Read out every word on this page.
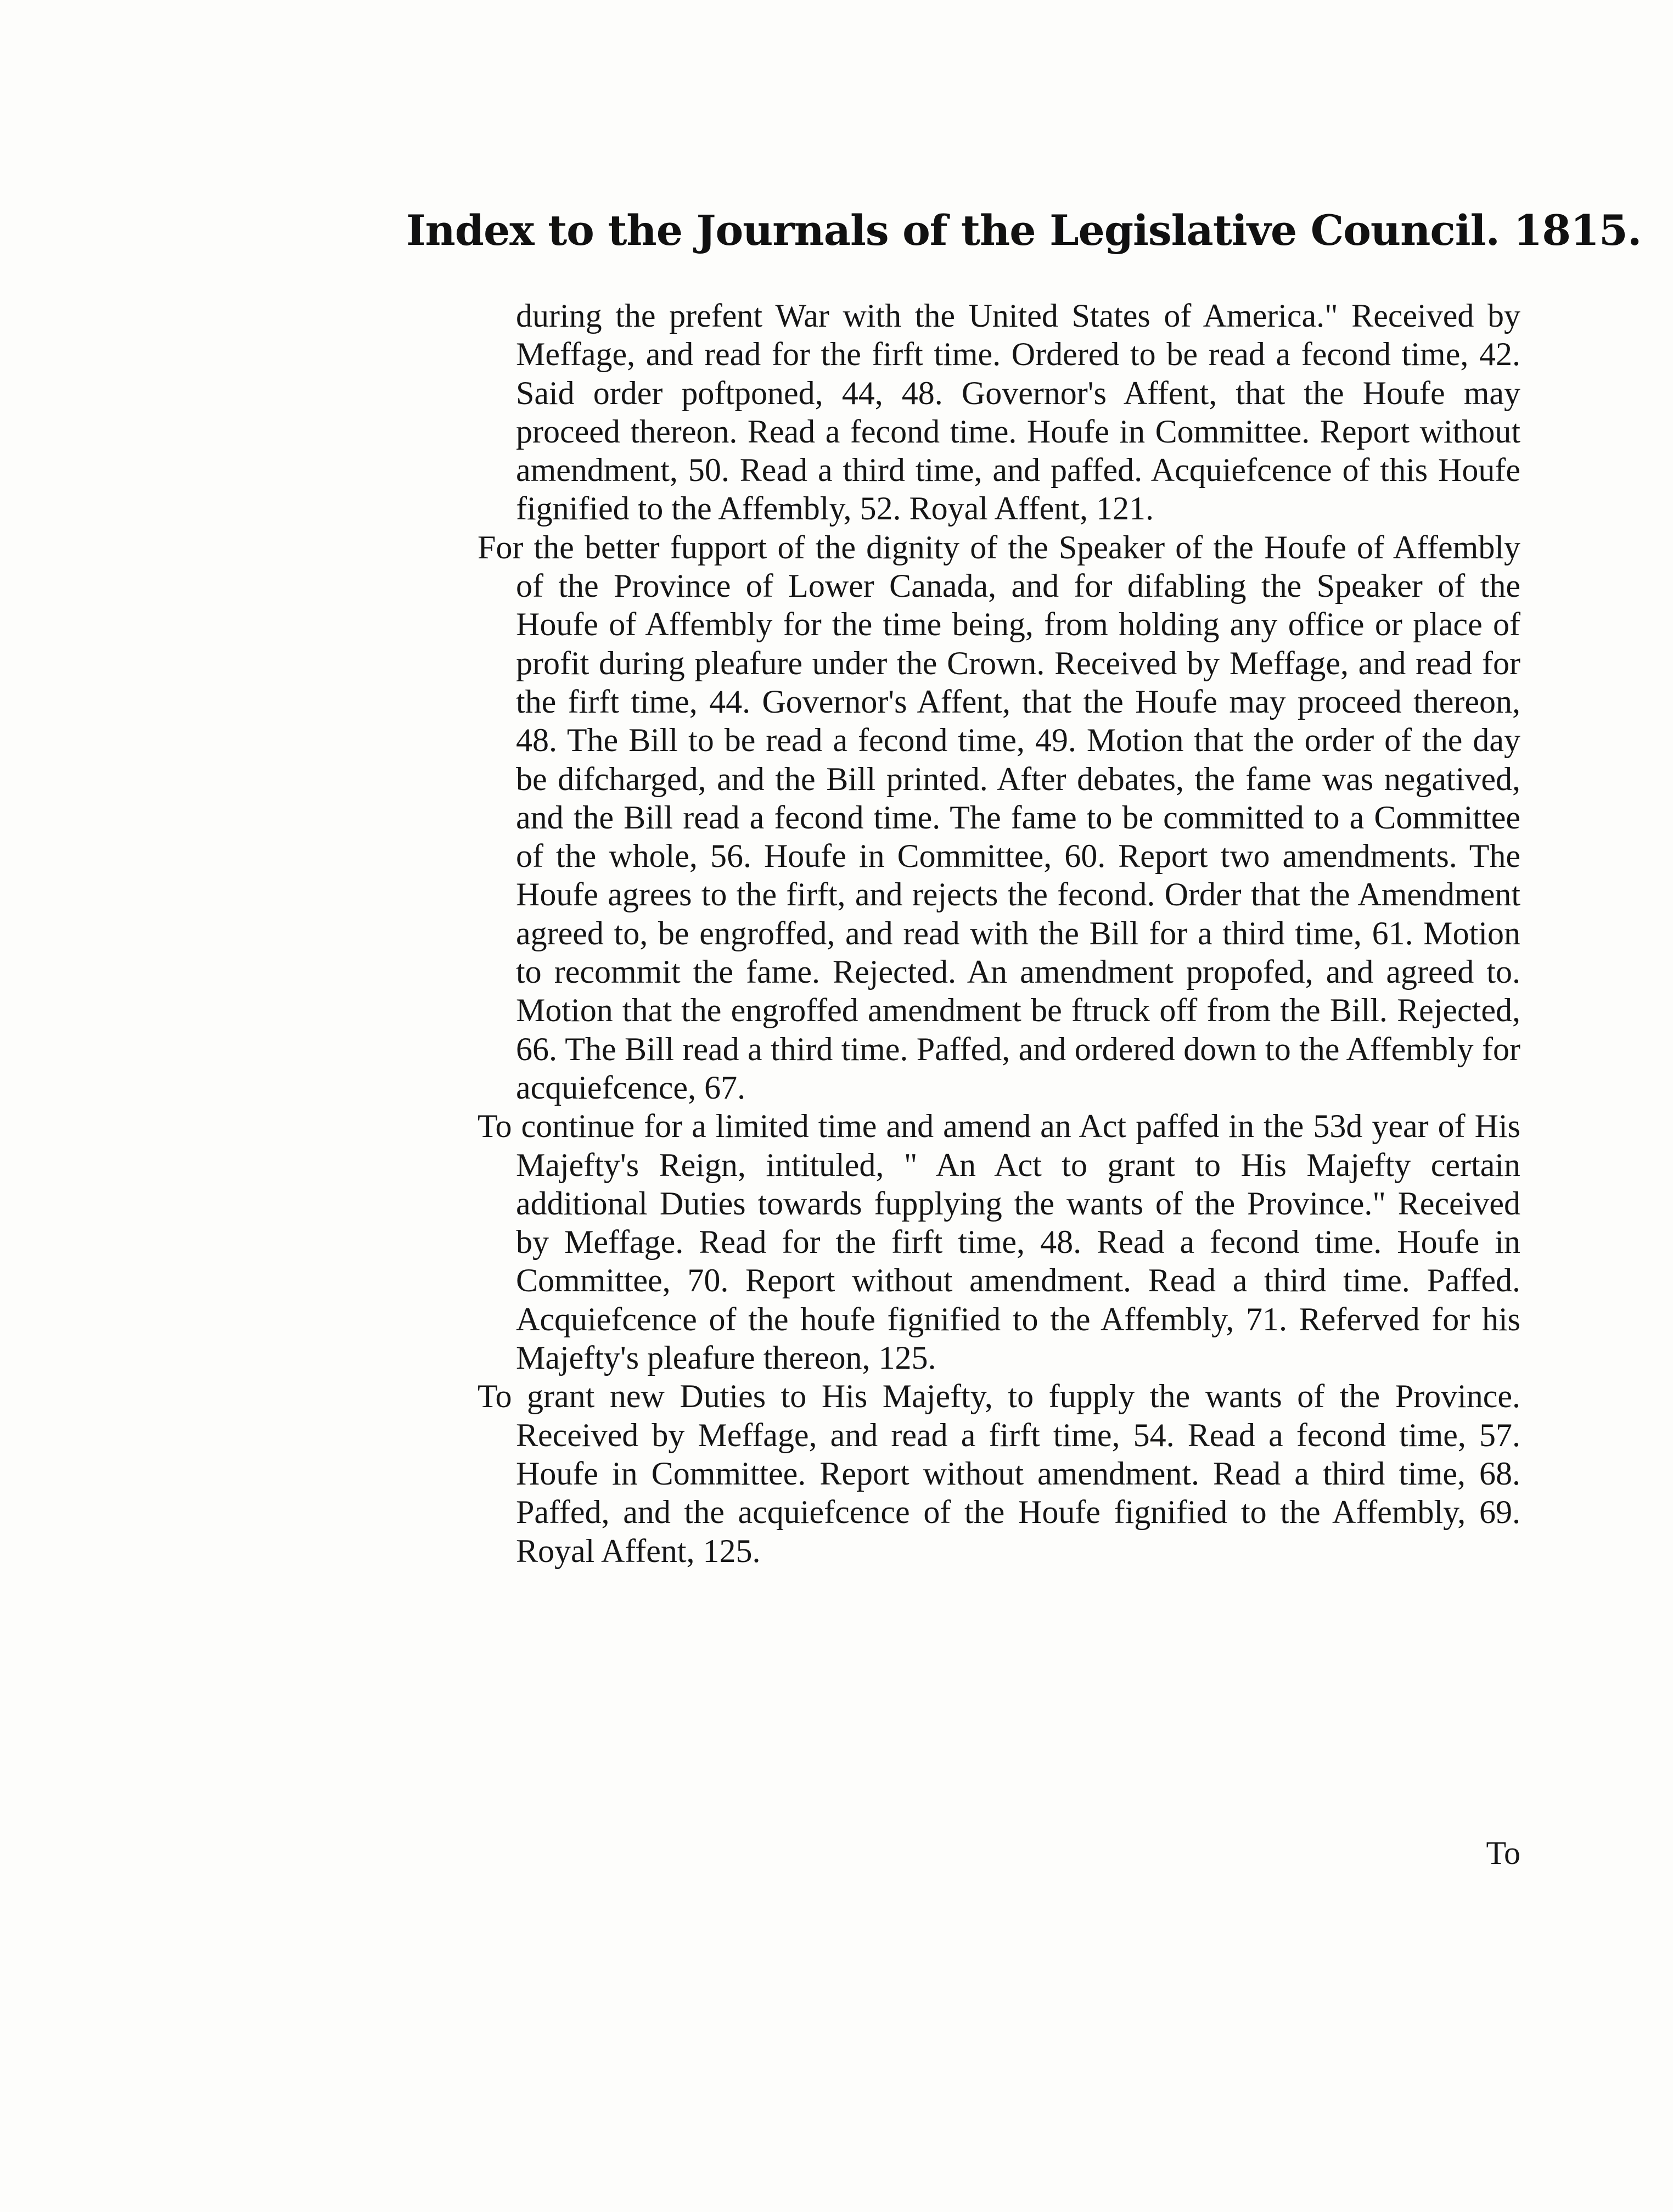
Index to the Journals of the Legislative Council. 1815.

during the prefent War with the United States of America." Received by Meffage, and read for the firft time. Ordered to be read a fecond time, 42. Said order poftponed, 44, 48. Governor's Affent, that the Houfe may proceed thereon. Read a fecond time. Houfe in Committee. Report without amendment, 50. Read a third time, and paffed. Acquiefcence of this Houfe fignified to the Affembly, 52. Royal Affent, 121.

For the better fupport of the dignity of the Speaker of the Houfe of Affembly of the Province of Lower Canada, and for difabling the Speaker of the Houfe of Affembly for the time being, from holding any office or place of profit during pleafure under the Crown. Received by Meffage, and read for the firft time, 44. Governor's Affent, that the Houfe may proceed thereon, 48. The Bill to be read a fecond time, 49. Motion that the order of the day be difcharged, and the Bill printed. After debates, the fame was negatived, and the Bill read a fecond time. The fame to be committed to a Committee of the whole, 56. Houfe in Committee, 60. Report two amendments. The Houfe agrees to the firft, and rejects the fecond. Order that the Amendment agreed to, be engroffed, and read with the Bill for a third time, 61. Motion to recommit the fame. Rejected. An amendment propofed, and agreed to. Motion that the engroffed amendment be ftruck off from the Bill. Rejected, 66. The Bill read a third time. Paffed, and ordered down to the Affembly for acquiefcence, 67.

To continue for a limited time and amend an Act paffed in the 53d year of His Majefty's Reign, intituled, " An Act to grant to His Majefty certain additional Duties towards fupplying the wants of the Province." Received by Meffage. Read for the firft time, 48. Read a fecond time. Houfe in Committee, 70. Report without amendment. Read a third time. Paffed. Acquiefcence of the houfe fignified to the Affembly, 71. Referved for his Majefty's pleafure thereon, 125.

To grant new Duties to His Majefty, to fupply the wants of the Province. Received by Meffage, and read a firft time, 54. Read a fecond time, 57. Houfe in Committee. Report without amendment. Read a third time, 68. Paffed, and the acquiefcence of the Houfe fignified to the Affembly, 69. Royal Affent, 125.

To
